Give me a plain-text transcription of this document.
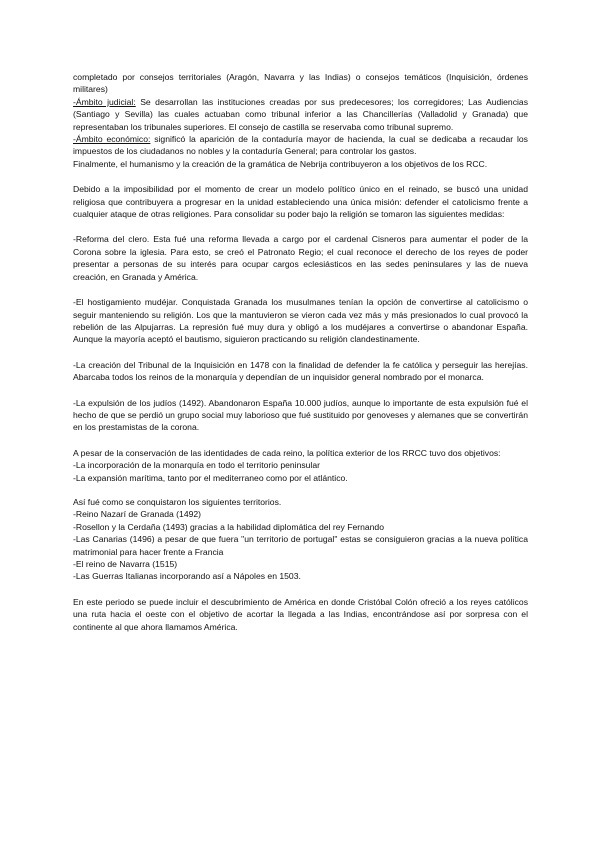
completado por consejos territoriales (Aragón, Navarra y las Indias) o consejos temáticos (Inquisición, órdenes militares)

-Ámbito judicial: Se desarrollan las instituciones creadas por sus predecesores; los corregidores; Las Audiencias (Santiago y Sevilla) las cuales actuaban como tribunal inferior a las Chancillerías (Valladolid y Granada) que representaban los tribunales superiores. El consejo de castilla se reservaba como tribunal supremo.

-Ámbito económico: significó la aparición de la contaduría mayor de hacienda, la cual se dedicaba a recaudar los impuestos de los ciudadanos no nobles y la contaduría General; para controlar los gastos.

Finalmente, el humanismo y la creación de la gramática de Nebrija contribuyeron a los objetivos de los RCC.

Debido a la imposibilidad por el momento de crear un modelo político único en el reinado, se buscó una unidad religiosa que contribuyera a progresar en la unidad estableciendo una única misión: defender el catolicismo frente a cualquier ataque de otras religiones. Para consolidar su poder bajo la religión se tomaron las siguientes medidas:

-Reforma del clero. Esta fué una reforma llevada a cargo por el cardenal Cisneros para aumentar el poder de la Corona sobre la iglesia. Para esto, se creó el Patronato Regio; el cual reconoce el derecho de los reyes de poder presentar a personas de su interés para ocupar cargos eclesiásticos en las sedes peninsulares y las de nueva creación, en Granada y América.

-El hostigamiento mudéjar. Conquistada Granada los musulmanes tenían la opción de convertirse al catolicismo o seguir manteniendo su religión. Los que la mantuvieron se vieron cada vez más y más presionados lo cual provocó la rebelión de las Alpujarras. La represión fué muy dura y obligó a los mudéjares a convertirse o abandonar España. Aunque la mayoría aceptó el bautismo, siguieron practicando su religión clandestinamente.

-La creación del Tribunal de la Inquisición en 1478 con la finalidad de defender la fe católica y perseguir las herejías. Abarcaba todos los reinos de la monarquía y dependían de un inquisidor general nombrado por el monarca.

-La expulsión de los judíos (1492). Abandonaron España 10.000 judíos, aunque lo importante de esta expulsión fué el hecho de que se perdió un grupo social muy laborioso que fué sustituido por genoveses y alemanes que se convertirán en los prestamistas de la corona.

A pesar de la conservación de las identidades de cada reino, la política exterior de los RRCC tuvo dos objetivos:

-La incorporación de la monarquía en todo el territorio peninsular

-La expansión marítima, tanto por el mediterraneo como por el atlántico.

Así fué como se conquistaron los siguientes territorios.

-Reino Nazarí de Granada (1492)

-Rosellon y la Cerdaña (1493) gracias a la habilidad diplomática del rey Fernando

-Las Canarias (1496) a pesar de que fuera "un territorio de portugal" estas se consiguieron gracias a la nueva política matrimonial para hacer frente a Francia

-El reino de Navarra (1515)

-Las Guerras Italianas incorporando así a Nápoles en 1503.

En este periodo se puede incluir el descubrimiento de América en donde Cristóbal Colón ofreció a los reyes católicos una ruta hacia el oeste con el objetivo de acortar la llegada a las Indias, encontrándose así por sorpresa con el continente al que ahora llamamos América.
